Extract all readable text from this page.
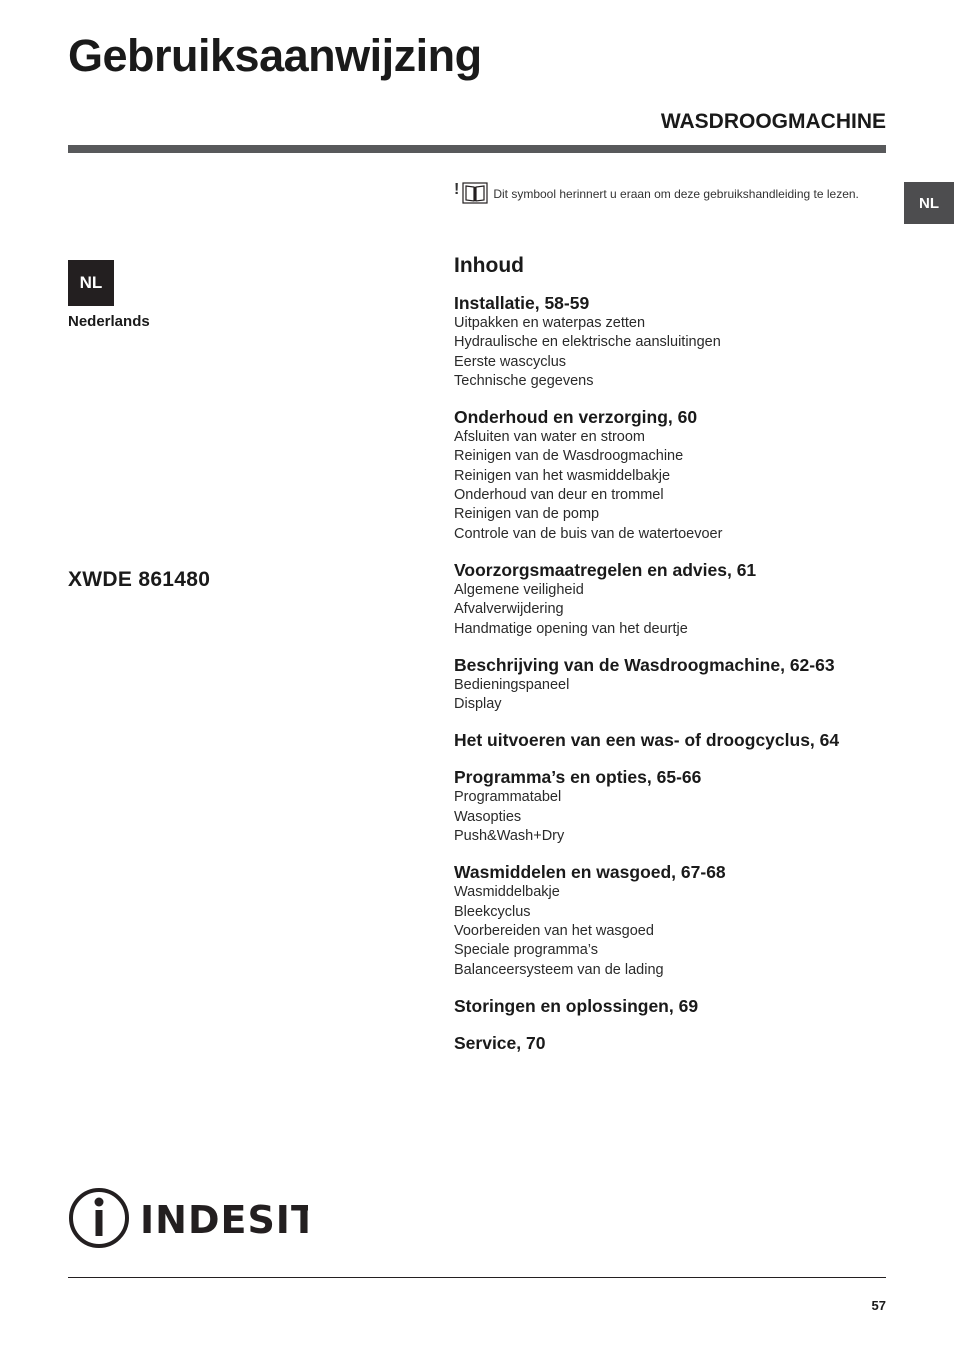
Gebruiksaanwijzing
WASDROOGMACHINE
!	Dit symbool herinnert u eraan om deze gebruikshandleiding te lezen.
NL
NL
Nederlands
XWDE 861480
Inhoud
Installatie, 58-59
Uitpakken en waterpas zetten
Hydraulische en elektrische aansluitingen
Eerste wascyclus
Technische gegevens
Onderhoud en verzorging, 60
Afsluiten van water en stroom
Reinigen van de Wasdroogmachine
Reinigen van het wasmiddelbakje
Onderhoud van deur en trommel
Reinigen van de pomp
Controle van de buis van de watertoevoer
Voorzorgsmaatregelen en advies, 61
Algemene veiligheid
Afvalverwijdering
Handmatige opening van het deurtje
Beschrijving van de Wasdroogmachine, 62-63
Bedieningspaneel
Display
Het uitvoeren van een was- of droogcyclus, 64
Programma’s en opties, 65-66
Programmatabel
Wasopties
Push&Wash+Dry
Wasmiddelen en wasgoed, 67-68
Wasmiddelbakje
Bleekcyclus
Voorbereiden van het wasgoed
Speciale programma’s
Balanceersysteem van de lading
Storingen en oplossingen, 69
Service, 70
INDESIT
57
